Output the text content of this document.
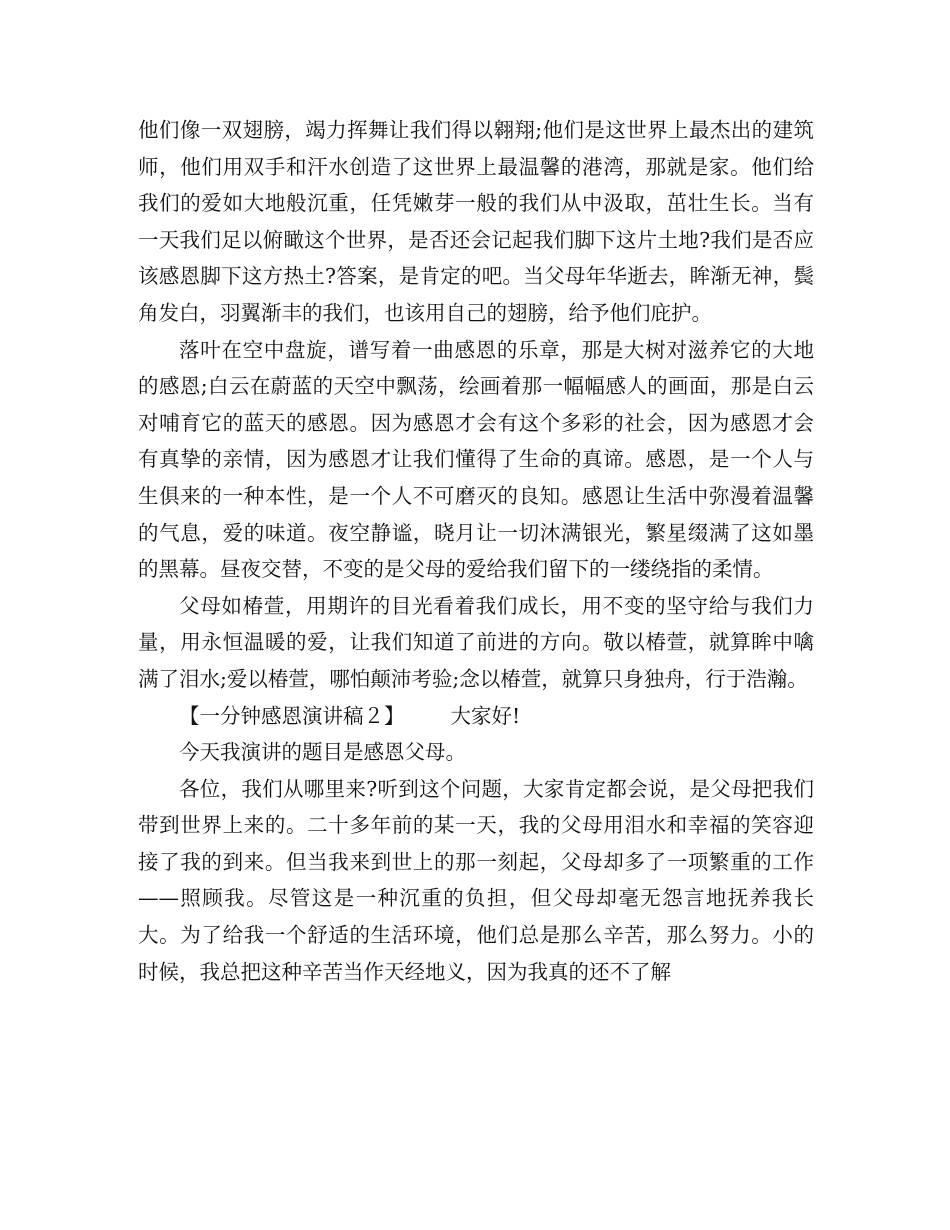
他们像一双翅膀，竭力挥舞让我们得以翱翔;他们是这世界上最杰出的建筑师，他们用双手和汗水创造了这世界上最温馨的港湾，那就是家。他们给我们的爱如大地般沉重，任凭嫩芽一般的我们从中汲取，茁壮生长。当有一天我们足以俯瞰这个世界，是否还会记起我们脚下这片土地?我们是否应该感恩脚下这方热土?答案，是肯定的吧。当父母年华逝去，眸渐无神，鬓角发白，羽翼渐丰的我们，也该用自己的翅膀，给予他们庇护。

落叶在空中盘旋，谱写着一曲感恩的乐章，那是大树对滋养它的大地的感恩;白云在蔚蓝的天空中飘荡，绘画着那一幅幅感人的画面，那是白云对哺育它的蓝天的感恩。因为感恩才会有这个多彩的社会，因为感恩才会有真挚的亲情，因为感恩才让我们懂得了生命的真谛。感恩，是一个人与生俱来的一种本性，是一个人不可磨灭的良知。感恩让生活中弥漫着温馨的气息，爱的味道。夜空静谧，晓月让一切沐满银光，繁星缀满了这如墨的黑幕。昼夜交替，不变的是父母的爱给我们留下的一缕绕指的柔情。

父母如椿萱，用期许的目光看着我们成长，用不变的坚守给与我们力量，用永恒温暖的爱，让我们知道了前进的方向。敬以椿萱，就算眸中噙满了泪水;爱以椿萱，哪怕颠沛考验;念以椿萱，就算只身独舟，行于浩瀚。

【一分钟感恩演讲稿２】 大家好!

今天我演讲的题目是感恩父母。

各位，我们从哪里来?听到这个问题，大家肯定都会说，是父母把我们带到世界上来的。二十多年前的某一天，我的父母用泪水和幸福的笑容迎接了我的到来。但当我来到世上的那一刻起，父母却多了一项繁重的工作——照顾我。尽管这是一种沉重的负担，但父母却毫无怨言地抚养我长大。为了给我一个舒适的生活环境，他们总是那么辛苦，那么努力。小的时候，我总把这种辛苦当作天经地义，因为我真的还不了解
